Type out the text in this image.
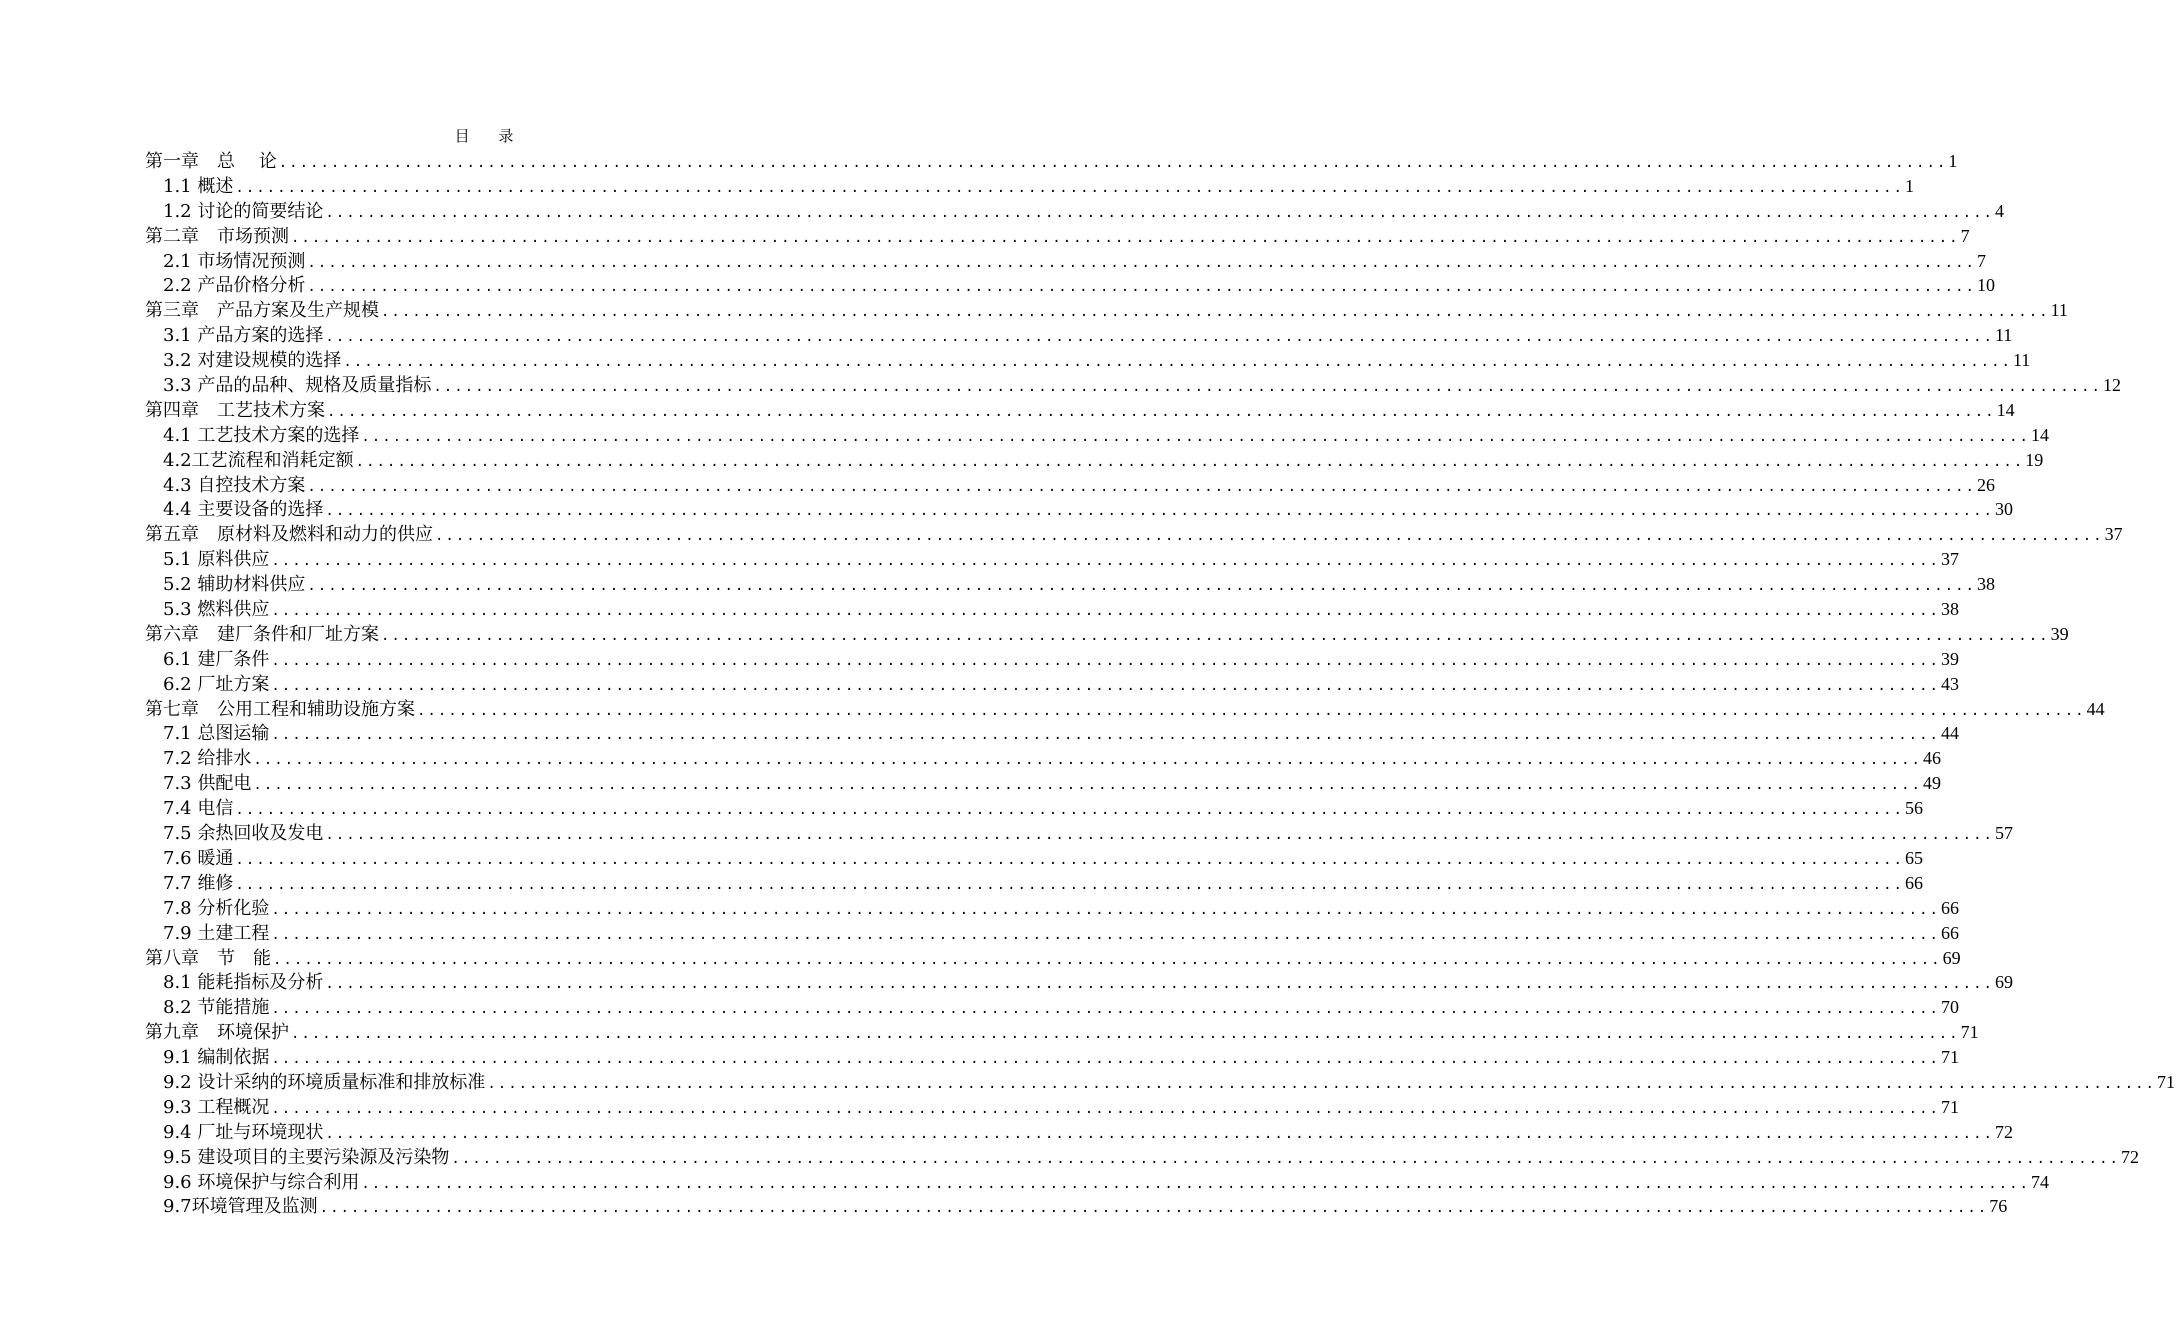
目 录
第一章　总　 论 ................................................................................................................................................................ 1
1.1 概述 ................................................................................................................................................................ 1
1.2 讨论的简要结论 ................................................................................................................................................................ 4
第二章　市场预测 ................................................................................................................................................................ 7
2.1 市场情况预测 ................................................................................................................................................................ 7
2.2 产品价格分析 ................................................................................................................................................................ 10
第三章　产品方案及生产规模 ................................................................................................................................................................ 11
3.1 产品方案的选择 ................................................................................................................................................................ 11
3.2 对建设规模的选择 ................................................................................................................................................................ 11
3.3 产品的品种、规格及质量指标 ................................................................................................................................................................ 12
第四章　工艺技术方案 ................................................................................................................................................................ 14
4.1 工艺技术方案的选择 ................................................................................................................................................................ 14
4.2工艺流程和消耗定额 ................................................................................................................................................................ 19
4.3 自控技术方案 ................................................................................................................................................................ 26
4.4 主要设备的选择 ................................................................................................................................................................ 30
第五章　原材料及燃料和动力的供应 ................................................................................................................................................................ 37
5.1 原料供应 ................................................................................................................................................................ 37
5.2 辅助材料供应 ................................................................................................................................................................ 38
5.3 燃料供应 ................................................................................................................................................................ 38
第六章　建厂条件和厂址方案 ................................................................................................................................................................ 39
6.1 建厂条件 ................................................................................................................................................................ 39
6.2 厂址方案 ................................................................................................................................................................ 43
第七章　公用工程和辅助设施方案 ................................................................................................................................................................ 44
7.1 总图运输 ................................................................................................................................................................ 44
7.2 给排水 ................................................................................................................................................................ 46
7.3 供配电 ................................................................................................................................................................ 49
7.4 电信 ................................................................................................................................................................ 56
7.5 余热回收及发电 ................................................................................................................................................................ 57
7.6 暖通 ................................................................................................................................................................ 65
7.7 维修 ................................................................................................................................................................ 66
7.8 分析化验 ................................................................................................................................................................ 66
7.9 土建工程 ................................................................................................................................................................ 66
第八章　节　能 ................................................................................................................................................................ 69
8.1 能耗指标及分析 ................................................................................................................................................................ 69
8.2 节能措施 ................................................................................................................................................................ 70
第九章　环境保护 ................................................................................................................................................................ 71
9.1 编制依据 ................................................................................................................................................................ 71
9.2 设计采纳的环境质量标准和排放标准 ................................................................................................................................................................ 71
9.3 工程概况 ................................................................................................................................................................ 71
9.4 厂址与环境现状 ................................................................................................................................................................ 72
9.5 建设项目的主要污染源及污染物 ................................................................................................................................................................ 72
9.6 环境保护与综合利用 ................................................................................................................................................................ 74
9.7环境管理及监测 ................................................................................................................................................................ 76
